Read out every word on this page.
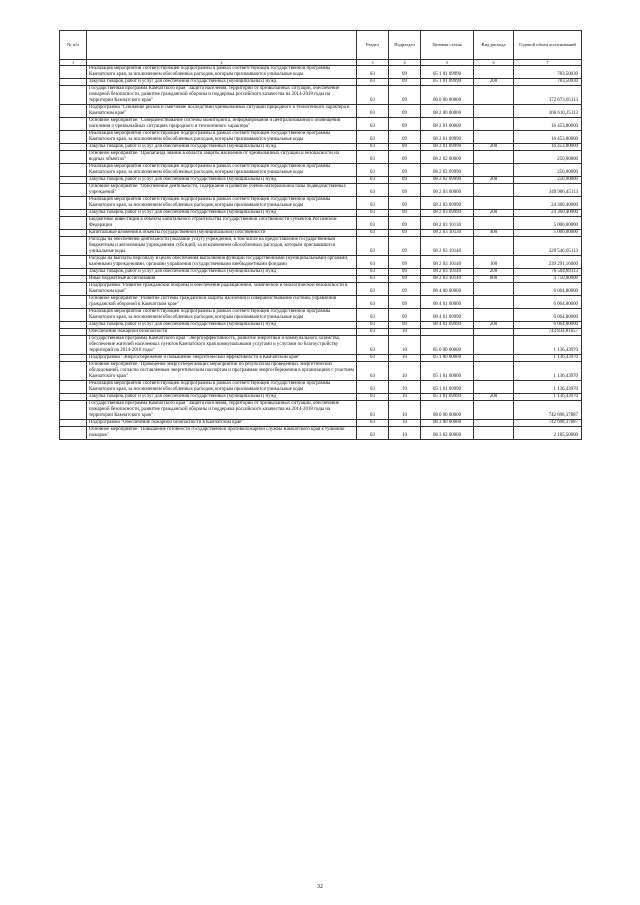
№ п/п		Раздел	Подраздел	Целевая статья	Вид расхода	Годовой объем ассигнований
1	2	3	4	5	6	7
	Реализация мероприятий соответствующей подпрограммы в рамках соответствующей государственной программы Камчатского края, за исключением обособленных расходов, которым присваиваются уникальные коды	03	09	05 1 01 09990		783,50030
	Закупка товаров, работ и услуг для обеспечения государственных (муниципальных) нужд	03	09	05 1 01 09990	200	783,50030
	Государственная программа Камчатского края "Защита населения, территорий от чрезвычайных ситуаций, обеспечение пожарной безопасности, развитие гражданской обороны и поддержка российского казачества на 2014-2018 годы на территории Камчатского края"	03	09	08 0 00 00000		372 673,05113
	Подпрограмма "Снижение рисков и смягчение последствий чрезвычайных ситуаций природного и техногенного характера в Камчатском крае"	03	09	08 2 00 00000		366 610,25113
	Основное мероприятие "Совершенствование системы мониторинга, информирования и централизованного оповещения населения о чрезвычайных ситуациях природного и техногенного характера"	03	09	08 2 01 00000		16 453,80000
	Реализация мероприятий соответствующей подпрограммы в рамках соответствующей государственной программы Камчатского края, за исключением обособленных расходов, которым присваиваются уникальные коды	03	09	08 2 01 09990		16 453,80000
	Закупка товаров, работ и услуг для обеспечения государственных (муниципальных) нужд	03	09	08 2 01 09990	200	16 453,80000
	Основное мероприятие "Пропаганда знаний в области защиты населения от чрезвычайных ситуаций и безопасности на водных объектах"	03	09	08 2 02 00000		250,00000
	Реализация мероприятий соответствующей подпрограммы в рамках соответствующей государственной программы Камчатского края, за исключением обособленных расходов, которым присваиваются уникальные коды	03	09	08 2 02 09990		250,00000
	Закупка товаров, работ и услуг для обеспечения государственных (муниципальных) нужд	03	09	08 2 02 09990	200	250,00000
	Основное мероприятие "Обеспечение деятельности, содержание и развитие учебно-материальной базы подведомственных учреждений"	03	09	08 2 03 00000		349 906,45113
	Реализация мероприятий соответствующей подпрограммы в рамках соответствующей государственной программы Камчатского края, за исключением обособленных расходов, которым присваиваются уникальные коды	03	09	08 2 03 09990		24 360,40000
	Закупка товаров, работ и услуг для обеспечения государственных (муниципальных) нужд	03	09	08 2 03 09990	200	24 360,40000
	Бюджетные инвестиции в объекты капитального строительства государственной собственности субъектов Российской Федерации	03	09	08 2 03 10130		5 000,00000
	Капитальные вложения в объекты государственной (муниципальной) собственности	03	09	08 2 03 10130	400	5 000,00000
	Расходы на обеспечение деятельности (оказание услуг) учреждений, в том числе на предоставление государственным бюджетным и автономным учреждениям субсидий, за исключением обособленных расходов, которым присваиваются уникальные коды	03	09	08 2 03 10140		320 546,05113
	Расходы на выплаты персоналу в целях обеспечения выполнения функций государственными (муниципальными) органами, казенными учреждениями, органами управления государственными внебюджетными фондами	03	09	08 2 03 10140	100	239 291,16000
	Закупка товаров, работ и услуг для обеспечения государственных (муниципальных) нужд	03	09	08 2 03 10140	200	76 504,89113
	Иные бюджетные ассигнования	03	09	08 2 03 10140	800	4 750,00000
	Подпрограмма "Развитие гражданской обороны и обеспечение радиационной, химической и биологической безопасности в Камчатском крае"	03	09	08 4 00 00000		6 064,80000
	Основное мероприятие "Развитие системы гражданской защиты населения и совершенствование системы управления гражданской обороной в Камчатском крае"	03	09	08 4 01 00000		6 064,80000
	Реализация мероприятий соответствующей подпрограммы в рамках соответствующей государственной программы Камчатского края, за исключением обособленных расходов, которым присваиваются уникальные коды	03	09	08 4 01 09990		6 064,80000
	Закупка товаров, работ и услуг для обеспечения государственных (муниципальных) нужд	03	09	08 4 01 09990	200	6 064,80000
	Обеспечение пожарной безопасности	03	10			743 834,81857
	Государственная программа Камчатского края "Энергоэффективность, развитие энергетики и коммунального хозяйства, обеспечение жителей населенных пунктов Камчатского края коммунальными услугами и услугами по благоустройству территорий на 2014-2018 годы"	03	10	05 0 00 00000		1 136,43970
	Подпрограмма "Энергосбережение и повышение энергетической эффективности в Камчатском крае"	03	10	05 1 00 00000		1 136,43970
	Основное мероприятие "Проведение энергосберегающих мероприятий по результатам проведенных энергетических обследований, согласно составленным энергетическим паспортам и программам энергосбережения в организациях с участием Камчатского края"	03	10	05 1 01 00000		1 136,43970
	Реализация мероприятий соответствующей подпрограммы в рамках соответствующей государственной программы Камчатского края, за исключением обособленных расходов, которым присваиваются уникальные коды	03	10	05 1 01 09990		1 136,43970
	Закупка товаров, работ и услуг для обеспечения государственных (муниципальных) нужд	03	10	05 1 01 09990	200	1 136,43970
	Государственная программа Камчатского края "Защита населения, территорий от чрезвычайных ситуаций, обеспечение пожарной безопасности, развитие гражданской обороны и поддержка российского казачества на 2014-2018 годы на территории Камчатского края"	03	10	08 0 00 00000		742 698,37887
	Подпрограмма "Обеспечение пожарной безопасности в Камчатском крае"	03	10	08 3 00 00000		742 698,37887
	Основное мероприятие "Повышение готовности государственной противопожарной службы Камчатского края к тушению пожаров"	03	10	08 3 02 00000		2 185,50000
32
